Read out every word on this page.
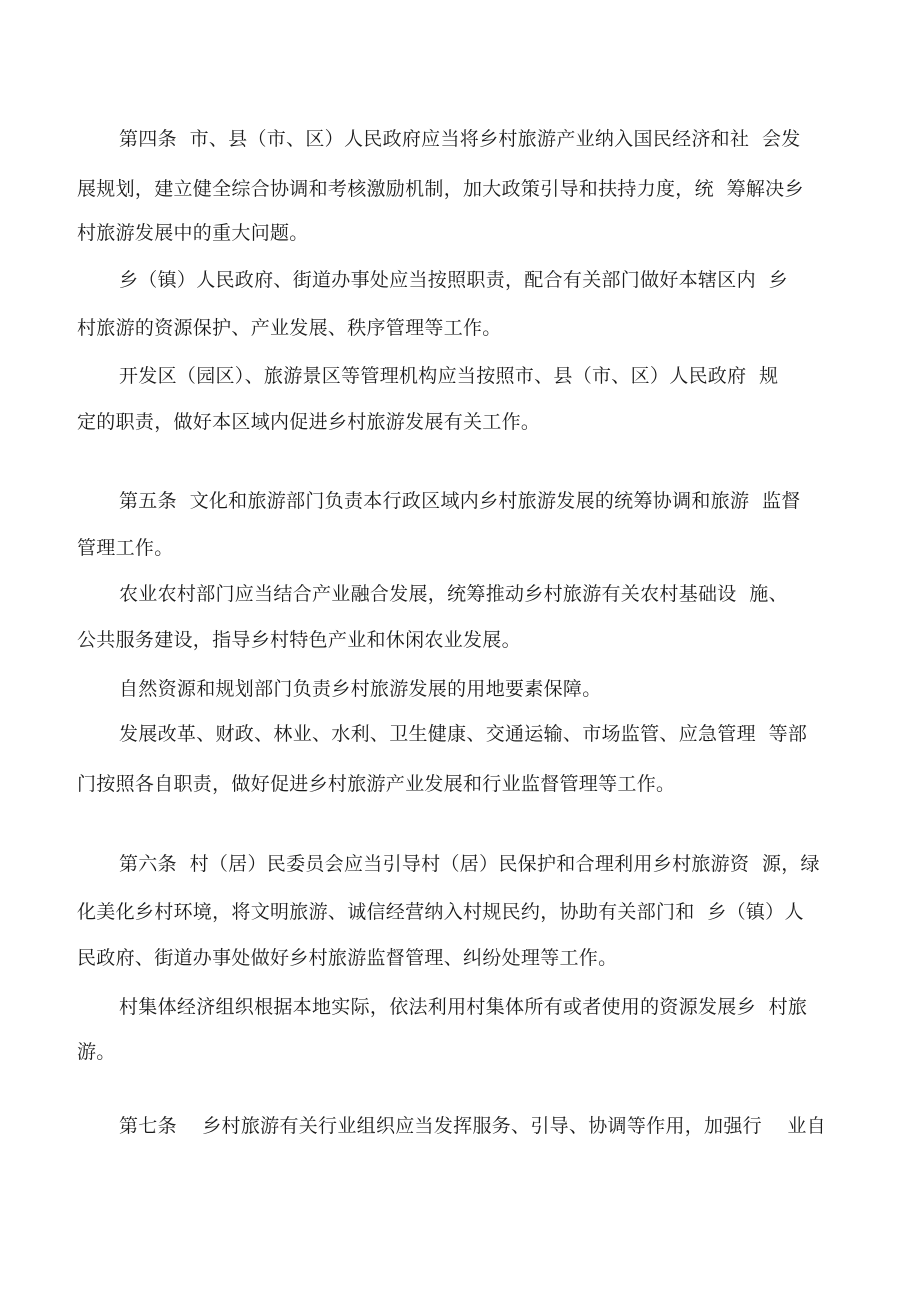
第四条  市、县（市、区）人民政府应当将乡村旅游产业纳入国民经济和社  会发
展规划，建立健全综合协调和考核激励机制，加大政策引导和扶持力度，统  筹解决乡
村旅游发展中的重大问题。
乡（镇）人民政府、街道办事处应当按照职责，配合有关部门做好本辖区内  乡
村旅游的资源保护、产业发展、秩序管理等工作。
开发区（园区）、旅游景区等管理机构应当按照市、县（市、区）人民政府  规
定的职责，做好本区域内促进乡村旅游发展有关工作。
第五条  文化和旅游部门负责本行政区域内乡村旅游发展的统筹协调和旅游  监督
管理工作。
农业农村部门应当结合产业融合发展，统筹推动乡村旅游有关农村基础设  施、
公共服务建设，指导乡村特色产业和休闲农业发展。
自然资源和规划部门负责乡村旅游发展的用地要素保障。
发展改革、财政、林业、水利、卫生健康、交通运输、市场监管、应急管理  等部
门按照各自职责，做好促进乡村旅游产业发展和行业监督管理等工作。
第六条  村（居）民委员会应当引导村（居）民保护和合理利用乡村旅游资  源，绿
化美化乡村环境，将文明旅游、诚信经营纳入村规民约，协助有关部门和  乡（镇）人
民政府、街道办事处做好乡村旅游监督管理、纠纷处理等工作。
村集体经济组织根据本地实际，依法利用村集体所有或者使用的资源发展乡  村旅
游。
第七条    乡村旅游有关行业组织应当发挥服务、引导、协调等作用，加强行    业自
